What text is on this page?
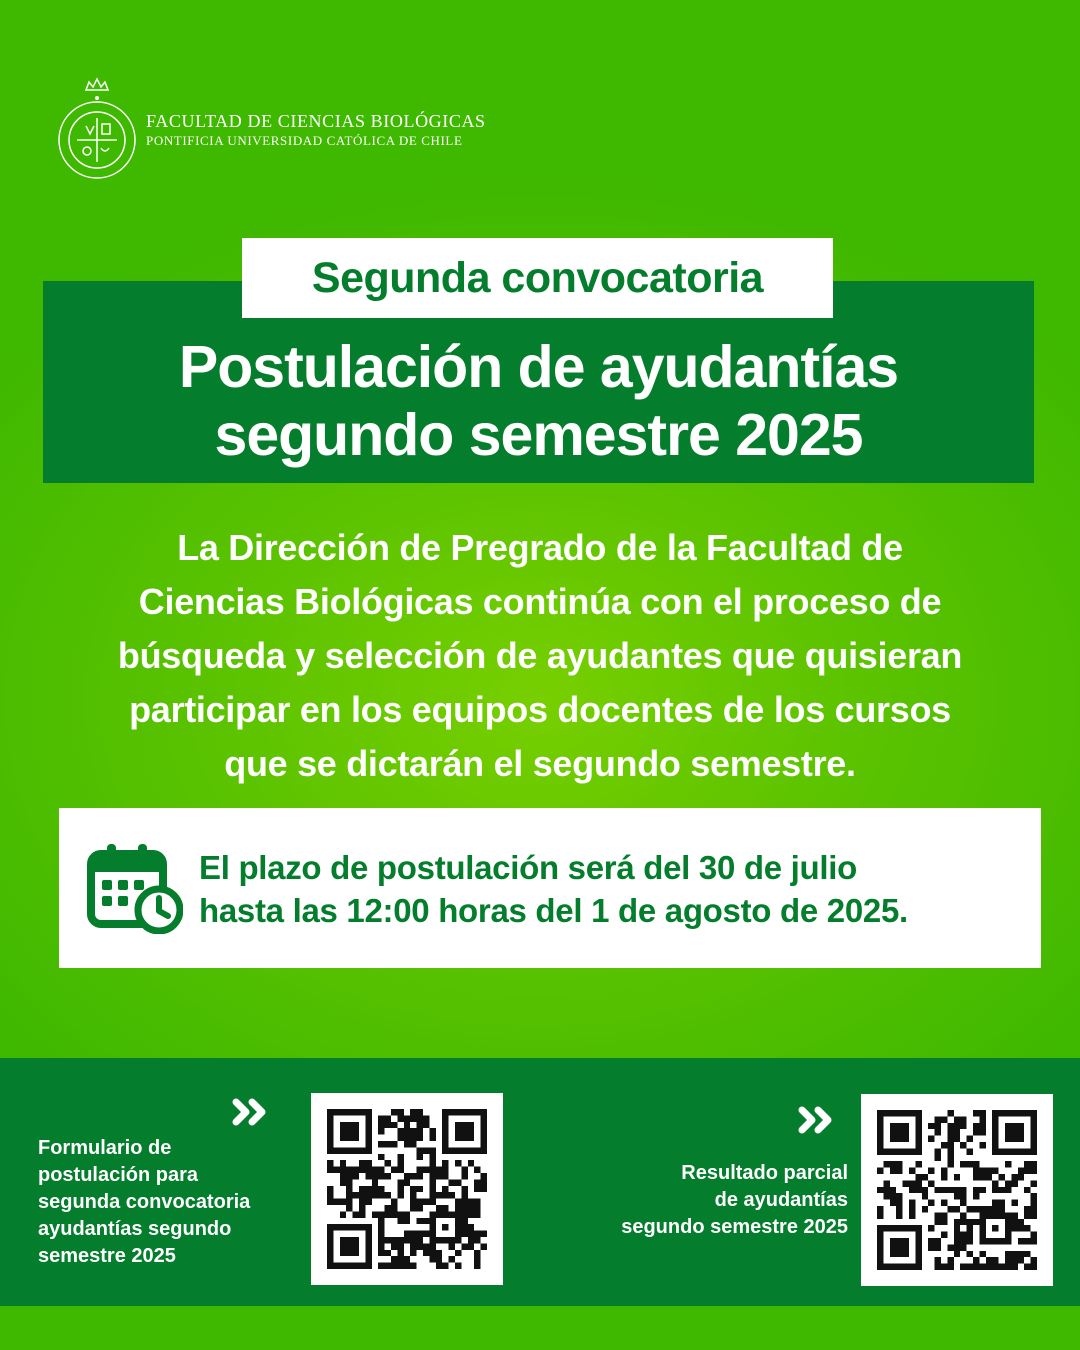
FACULTAD DE CIENCIAS BIOLÓGICAS
PONTIFICIA UNIVERSIDAD CATÓLICA DE CHILE
Segunda convocatoria
Postulación de ayudantías
segundo semestre 2025
La Dirección de Pregrado de la Facultad de
Ciencias Biológicas continúa con el proceso de
búsqueda y selección de ayudantes que quisieran
participar en los equipos docentes de los cursos
que se dictarán el segundo semestre.
El plazo de postulación será del 30 de julio
hasta las 12:00 horas del 1 de agosto de 2025.
Formulario de
postulación para
segunda convocatoria
ayudantías segundo
semestre 2025
Resultado parcial
de ayudantías
segundo semestre 2025
